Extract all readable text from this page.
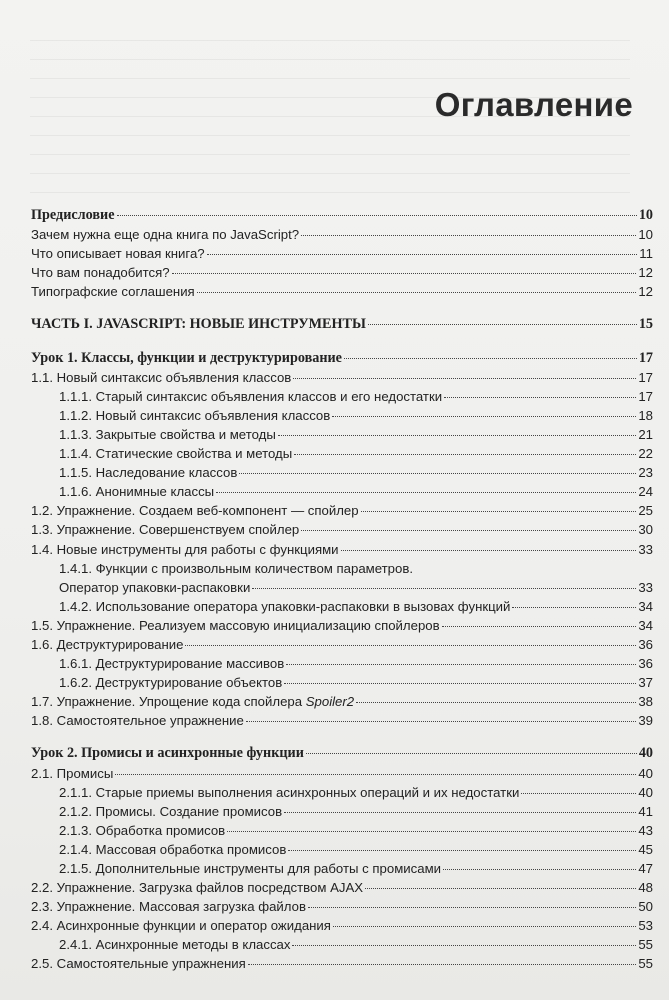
Оглавление
Предисловие	10
Зачем нужна еще одна книга по JavaScript?	10
Что описывает новая книга?	11
Что вам понадобится?	12
Типографские соглашения	12
ЧАСТЬ I. JAVASCRIPT: НОВЫЕ ИНСТРУМЕНТЫ	15
Урок 1. Классы, функции и деструктурирование	17
1.1. Новый синтаксис объявления классов	17
1.1.1. Старый синтаксис объявления классов и его недостатки	17
1.1.2. Новый синтаксис объявления классов	18
1.1.3. Закрытые свойства и методы	21
1.1.4. Статические свойства и методы	22
1.1.5. Наследование классов	23
1.1.6. Анонимные классы	24
1.2. Упражнение. Создаем веб-компонент — спойлер	25
1.3. Упражнение. Совершенствуем спойлер	30
1.4. Новые инструменты для работы с функциями	33
1.4.1. Функции с произвольным количеством параметров.
Оператор упаковки-распаковки	33
1.4.2. Использование оператора упаковки-распаковки в вызовах функций	34
1.5. Упражнение. Реализуем массовую инициализацию спойлеров	34
1.6. Деструктурирование	36
1.6.1. Деструктурирование массивов	36
1.6.2. Деструктурирование объектов	37
1.7. Упражнение. Упрощение кода спойлера Spoiler2	38
1.8. Самостоятельное упражнение	39
Урок 2. Промисы и асинхронные функции	40
2.1. Промисы	40
2.1.1. Старые приемы выполнения асинхронных операций и их недостатки	40
2.1.2. Промисы. Создание промисов	41
2.1.3. Обработка промисов	43
2.1.4. Массовая обработка промисов	45
2.1.5. Дополнительные инструменты для работы с промисами	47
2.2. Упражнение. Загрузка файлов посредством AJAX	48
2.3. Упражнение. Массовая загрузка файлов	50
2.4. Асинхронные функции и оператор ожидания	53
2.4.1. Асинхронные методы в классах	55
2.5. Самостоятельные упражнения	55
